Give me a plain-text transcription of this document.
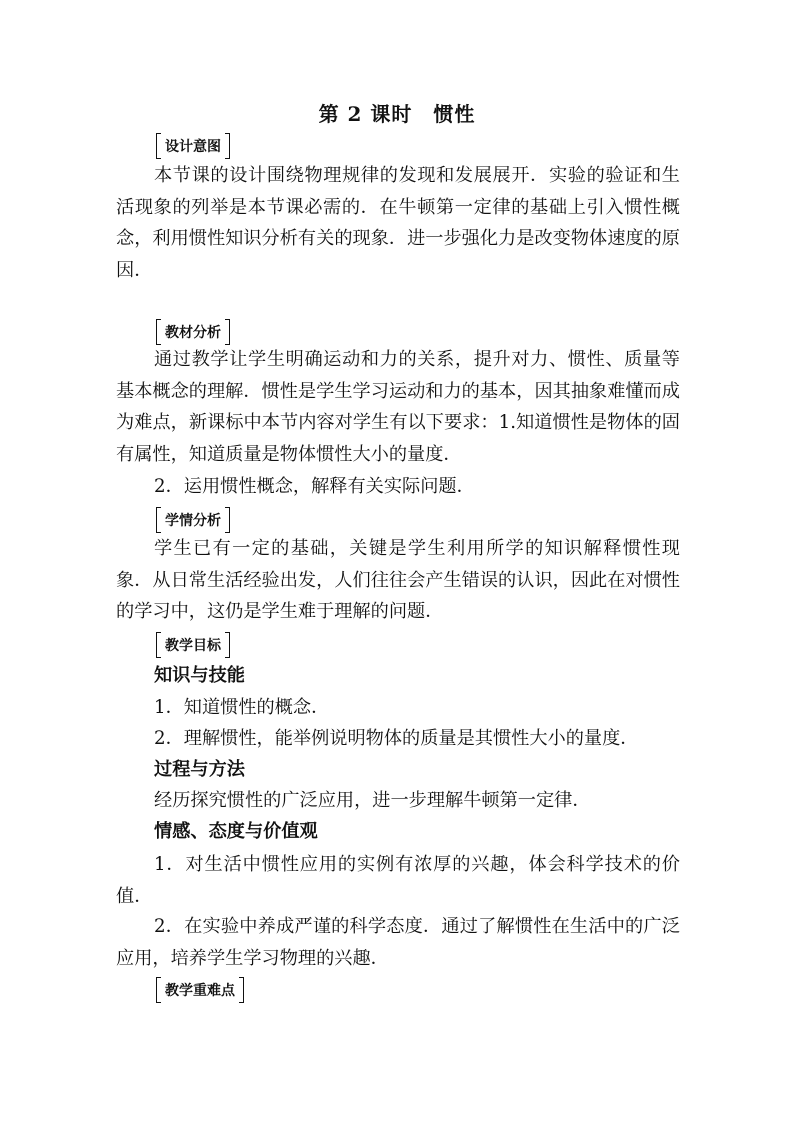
第 2 课时　惯性
设计意图

本节课的设计围绕物理规律的发现和发展展开．实验的验证和生活现象的列举是本节课必需的．在牛顿第一定律的基础上引入惯性概念，利用惯性知识分析有关的现象．进一步强化力是改变物体速度的原因．

教材分析

通过教学让学生明确运动和力的关系，提升对力、惯性、质量等基本概念的理解．惯性是学生学习运动和力的基本，因其抽象难懂而成为难点，新课标中本节内容对学生有以下要求：1.知道惯性是物体的固有属性，知道质量是物体惯性大小的量度．

2．运用惯性概念，解释有关实际问题．
学情分析

学生已有一定的基础，关键是学生利用所学的知识解释惯性现象．从日常生活经验出发，人们往往会产生错误的认识，因此在对惯性的学习中，这仍是学生难于理解的问题．

教学目标
知识与技能
1．知道惯性的概念．
2．理解惯性，能举例说明物体的质量是其惯性大小的量度．
过程与方法
经历探究惯性的广泛应用，进一步理解牛顿第一定律．
情感、态度与价值观

1．对生活中惯性应用的实例有浓厚的兴趣，体会科学技术的价值．

2．在实验中养成严谨的科学态度．通过了解惯性在生活中的广泛应用，培养学生学习物理的兴趣．

教学重难点
